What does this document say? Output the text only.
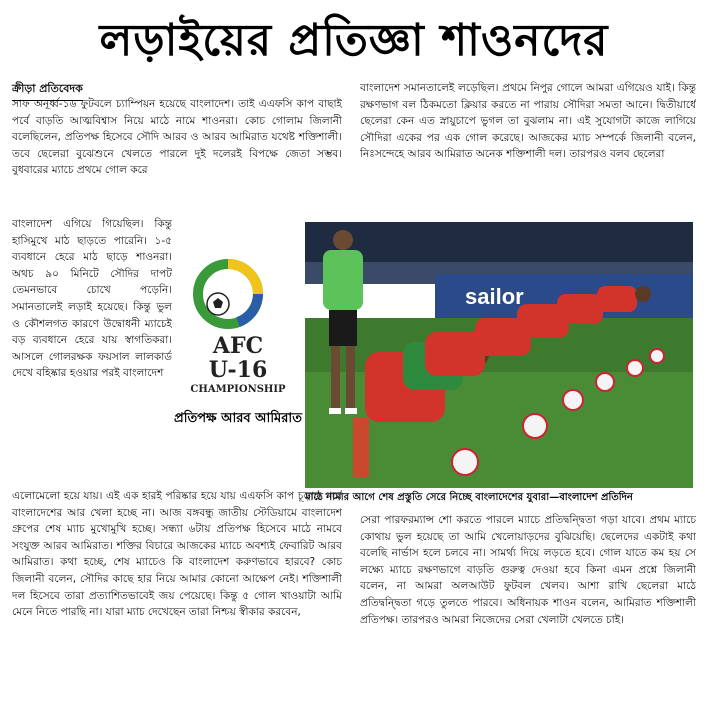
লড়াইয়ের প্রতিজ্ঞা শাওনদের
ক্রীড়া প্রতিবেদক

সাফ অনূর্ধ্ব-১৬ ফুটবলে চ্যাম্পিয়ন হয়েছে বাংলাদেশ। তাই এএফসি কাপ বাছাই পর্বে বাড়তি আত্মবিশ্বাস নিয়ে মাঠে নামে শাওনরা। কোচ গোলাম জিলানী বলেছিলেন, প্রতিপক্ষ হিসেবে সৌদি আরব ও আরব আমিরাত যথেষ্ট শক্তিশালী। তবে ছেলেরা বুঝেশুনে খেলতে পারলে দুই দলেরই বিপক্ষে জেতা সম্ভব। বুধবারের ম্যাচে প্রথমে গোল করে

বাংলাদেশ এগিয়ে গিয়েছিল। কিন্তু হাসিমুখে মাঠ ছাড়তে পারেনি। ১-৫ ব্যবধানে হেরে মাঠ ছাড়ে শাওনরা। অথচ ৯০ মিনিটে সৌদির দাপট তেমনভাবে চোখে পড়েনি। সমানতালেই লড়াই হয়েছে। কিন্তু ভুল ও কৌশলগত কারণে উদ্বোধনী ম্যাচেই বড় ব্যবধানে হেরে যায় স্বাগতিকরা। আসলে গোলরক্ষক ফয়সাল লালকার্ড দেখে বহিষ্কার হওয়ার পরই বাংলাদেশ

AFC
U-16
CHAMPIONSHIP
প্রতিপক্ষ আরব আমিরাত

এলোমেলো হয়ে যায়। এই এক হারই পরিষ্কার হয়ে যায় এএফসি কাপ চূড়ান্ত পর্বে বাংলাদেশের আর খেলা হচ্ছে না। আজ বঙ্গবন্ধু জাতীয় স্টেডিয়ামে বাংলাদেশ গ্রুপের শেষ ম্যাচ মুখোমুখি হচ্ছে। সন্ধ্যা ৬টায় প্রতিপক্ষ হিসেবে মাঠে নামবে সংযুক্ত আরব আমিরাত। শক্তির বিচারে আজকের ম্যাচে অবশ্যই ফেবারিট আরব আমিরাত। কথা হচ্ছে, শেষ ম্যাচেও কি বাংলাদেশ করুণভাবে হারবে? কোচ জিলানী বলেন, সৌদির কাছে হার নিয়ে আমার কোনো আক্ষেপ নেই। শক্তিশালী দল হিসেবে তারা প্রত্যাশিতভাবেই জয় পেয়েছে। কিন্তু ৫ গোল খাওয়াটা আমি মেনে নিতে পারছি না। যারা ম্যাচ দেখেছেন তারা নিশ্চয় স্বীকার করবেন,

বাংলাদেশ সমানতালেই লড়েছিল। প্রথমে নিপুর গোলে আমরা এগিয়েও যাই। কিন্তু রক্ষণভাগ বল ঠিকমতো ক্লিয়ার করতে না পারায় সৌদিরা সমতা আনে। দ্বিতীয়ার্ধে ছেলেরা কেন এত স্নায়ুচাপে ভুগল তা বুঝলাম না। এই সুযোগটা কাজে লাগিয়ে সৌদিরা একের পর এক গোল করেছে। আজকের ম্যাচ সম্পর্কে জিলানী বলেন, নিঃসন্দেহে আরব আমিরাত অনেক শক্তিশালী দল। তারপরও বলব ছেলেরা

sailor
মাঠে নামার আগে শেষ প্রস্তুতি সেরে নিচ্ছে বাংলাদেশের যুবারা—বাংলাদেশ প্রতিদিন

সেরা পারফরম্যান্স শো করতে পারলে ম্যাচে প্রতিদ্বন্দ্বিতা গড়া যাবে। প্রথম ম্যাচে কোথায় ভুল হয়েছে তা আমি খেলোয়াড়দের বুঝিয়েছি। ছেলেদের একটাই কথা বলেছি নার্ভাস হলে চলবে না। সামর্থ্য দিয়ে লড়তে হবে। গোল যাতে কম হয় সে লক্ষ্যে ম্যাচে রক্ষণভাগে বাড়তি গুরুত্ব দেওয়া হবে কিনা এমন প্রশ্নে জিলানী বলেন, না আমরা অলআউট ফুটবল খেলব। আশা রাখি ছেলেরা মাঠে প্রতিদ্বন্দ্বিতা গড়ে তুলতে পারবে। অধিনায়ক শাওন বলেন, আমিরাত শক্তিশালী প্রতিপক্ষ। তারপরও আমরা নিজেদের সেরা খেলাটা খেলতে চাই।
